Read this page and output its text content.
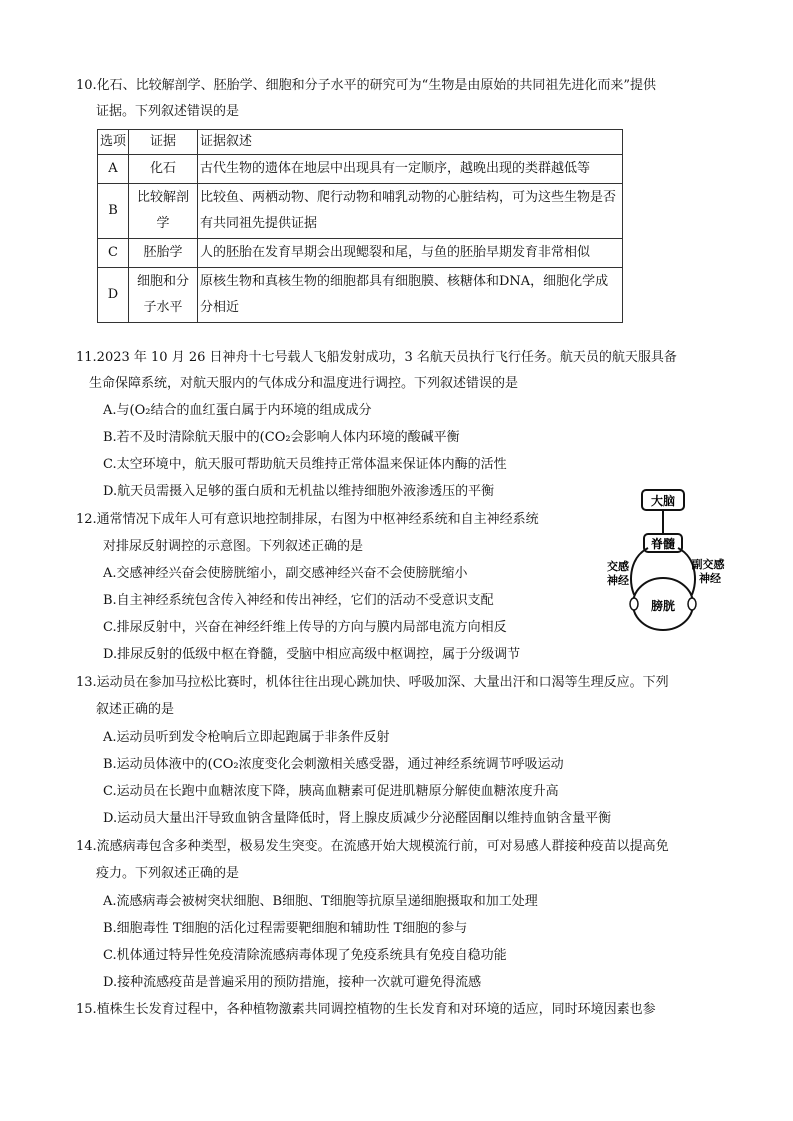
10.化石、比较解剖学、胚胎学、细胞和分子水平的研究可为“生物是由原始的共同祖先进化而来”提供
证据。下列叙述错误的是
选项	证据	证据叙述
A	化石	古代生物的遗体在地层中出现具有一定顺序，越晚出现的类群越低等
B	比较解剖学	比较鱼、两栖动物、爬行动物和哺乳动物的心脏结构，可为这些生物是否有共同祖先提供证据
C	胚胎学	人的胚胎在发育早期会出现鳃裂和尾，与鱼的胚胎早期发育非常相似
D	细胞和分子水平	原核生物和真核生物的细胞都具有细胞膜、核糖体和DNA，细胞化学成分相近
11.2023 年 10 月 26 日神舟十七号载人飞船发射成功，3 名航天员执行飞行任务。航天员的航天服具备
生命保障系统，对航天服内的气体成分和温度进行调控。下列叙述错误的是
A.与(O₂结合的血红蛋白属于内环境的组成成分
B.若不及时清除航天服中的(CO₂会影响人体内环境的酸碱平衡
C.太空环境中，航天服可帮助航天员维持正常体温来保证体内酶的活性
D.航天员需摄入足够的蛋白质和无机盐以维持细胞外液渗透压的平衡
12.通常情况下成年人可有意识地控制排尿，右图为中枢神经系统和自主神经系统
对排尿反射调控的示意图。下列叙述正确的是
A.交感神经兴奋会使膀胱缩小，副交感神经兴奋不会使膀胱缩小
B.自主神经系统包含传入神经和传出神经，它们的活动不受意识支配
C.排尿反射中，兴奋在神经纤维上传导的方向与膜内局部电流方向相反
D.排尿反射的低级中枢在脊髓，受脑中相应高级中枢调控，属于分级调节
大脑
脊髓
膀胱
交感
神经
副交感
神经
13.运动员在参加马拉松比赛时，机体往往出现心跳加快、呼吸加深、大量出汗和口渴等生理反应。下列
叙述正确的是
A.运动员听到发令枪响后立即起跑属于非条件反射
B.运动员体液中的(CO₂浓度变化会刺激相关感受器，通过神经系统调节呼吸运动
C.运动员在长跑中血糖浓度下降，胰高血糖素可促进肌糖原分解使血糖浓度升高
D.运动员大量出汗导致血钠含量降低时，肾上腺皮质减少分泌醛固酮以维持血钠含量平衡
14.流感病毒包含多种类型，极易发生突变。在流感开始大规模流行前，可对易感人群接种疫苗以提高免
疫力。下列叙述正确的是
A.流感病毒会被树突状细胞、B细胞、T细胞等抗原呈递细胞摄取和加工处理
B.细胞毒性 T细胞的活化过程需要靶细胞和辅助性 T细胞的参与
C.机体通过特异性免疫清除流感病毒体现了免疫系统具有免疫自稳功能
D.接种流感疫苗是普遍采用的预防措施，接种一次就可避免得流感
15.植株生长发育过程中，各种植物激素共同调控植物的生长发育和对环境的适应，同时环境因素也参
